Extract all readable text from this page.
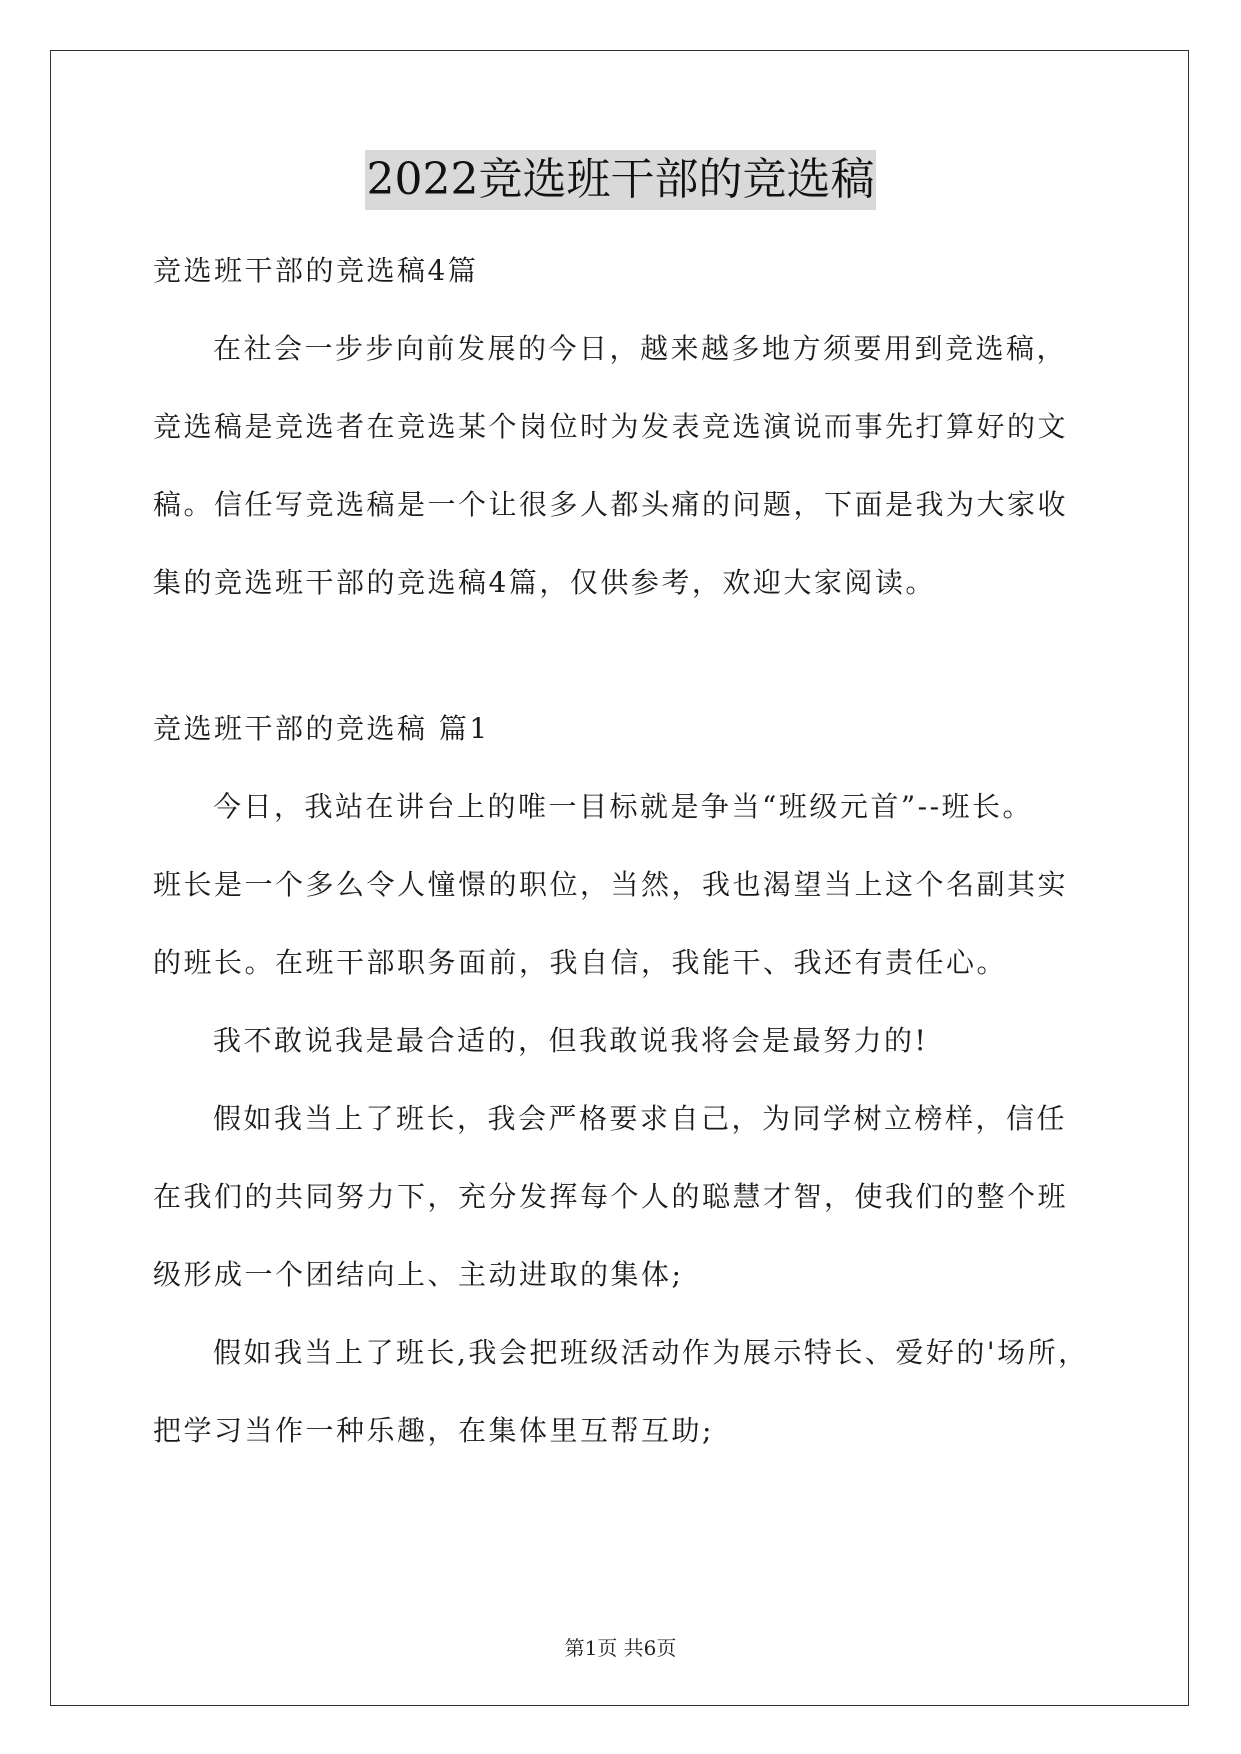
2022竞选班干部的竞选稿
竞选班干部的竞选稿4篇
在社会一步步向前发展的今日，越来越多地方须要用到竞选稿，
竞选稿是竞选者在竞选某个岗位时为发表竞选演说而事先打算好的文
稿。信任写竞选稿是一个让很多人都头痛的问题，下面是我为大家收
集的竞选班干部的竞选稿4篇，仅供参考，欢迎大家阅读。
竞选班干部的竞选稿 篇1
今日，我站在讲台上的唯一目标就是争当“班级元首”--班长。
班长是一个多么令人憧憬的职位，当然，我也渴望当上这个名副其实
的班长。在班干部职务面前，我自信，我能干、我还有责任心。
我不敢说我是最合适的，但我敢说我将会是最努力的!
假如我当上了班长，我会严格要求自己，为同学树立榜样，信任
在我们的共同努力下，充分发挥每个人的聪慧才智，使我们的整个班
级形成一个团结向上、主动进取的集体;
假如我当上了班长,我会把班级活动作为展示特长、爱好的'场所，
把学习当作一种乐趣，在集体里互帮互助;
第1页 共6页
